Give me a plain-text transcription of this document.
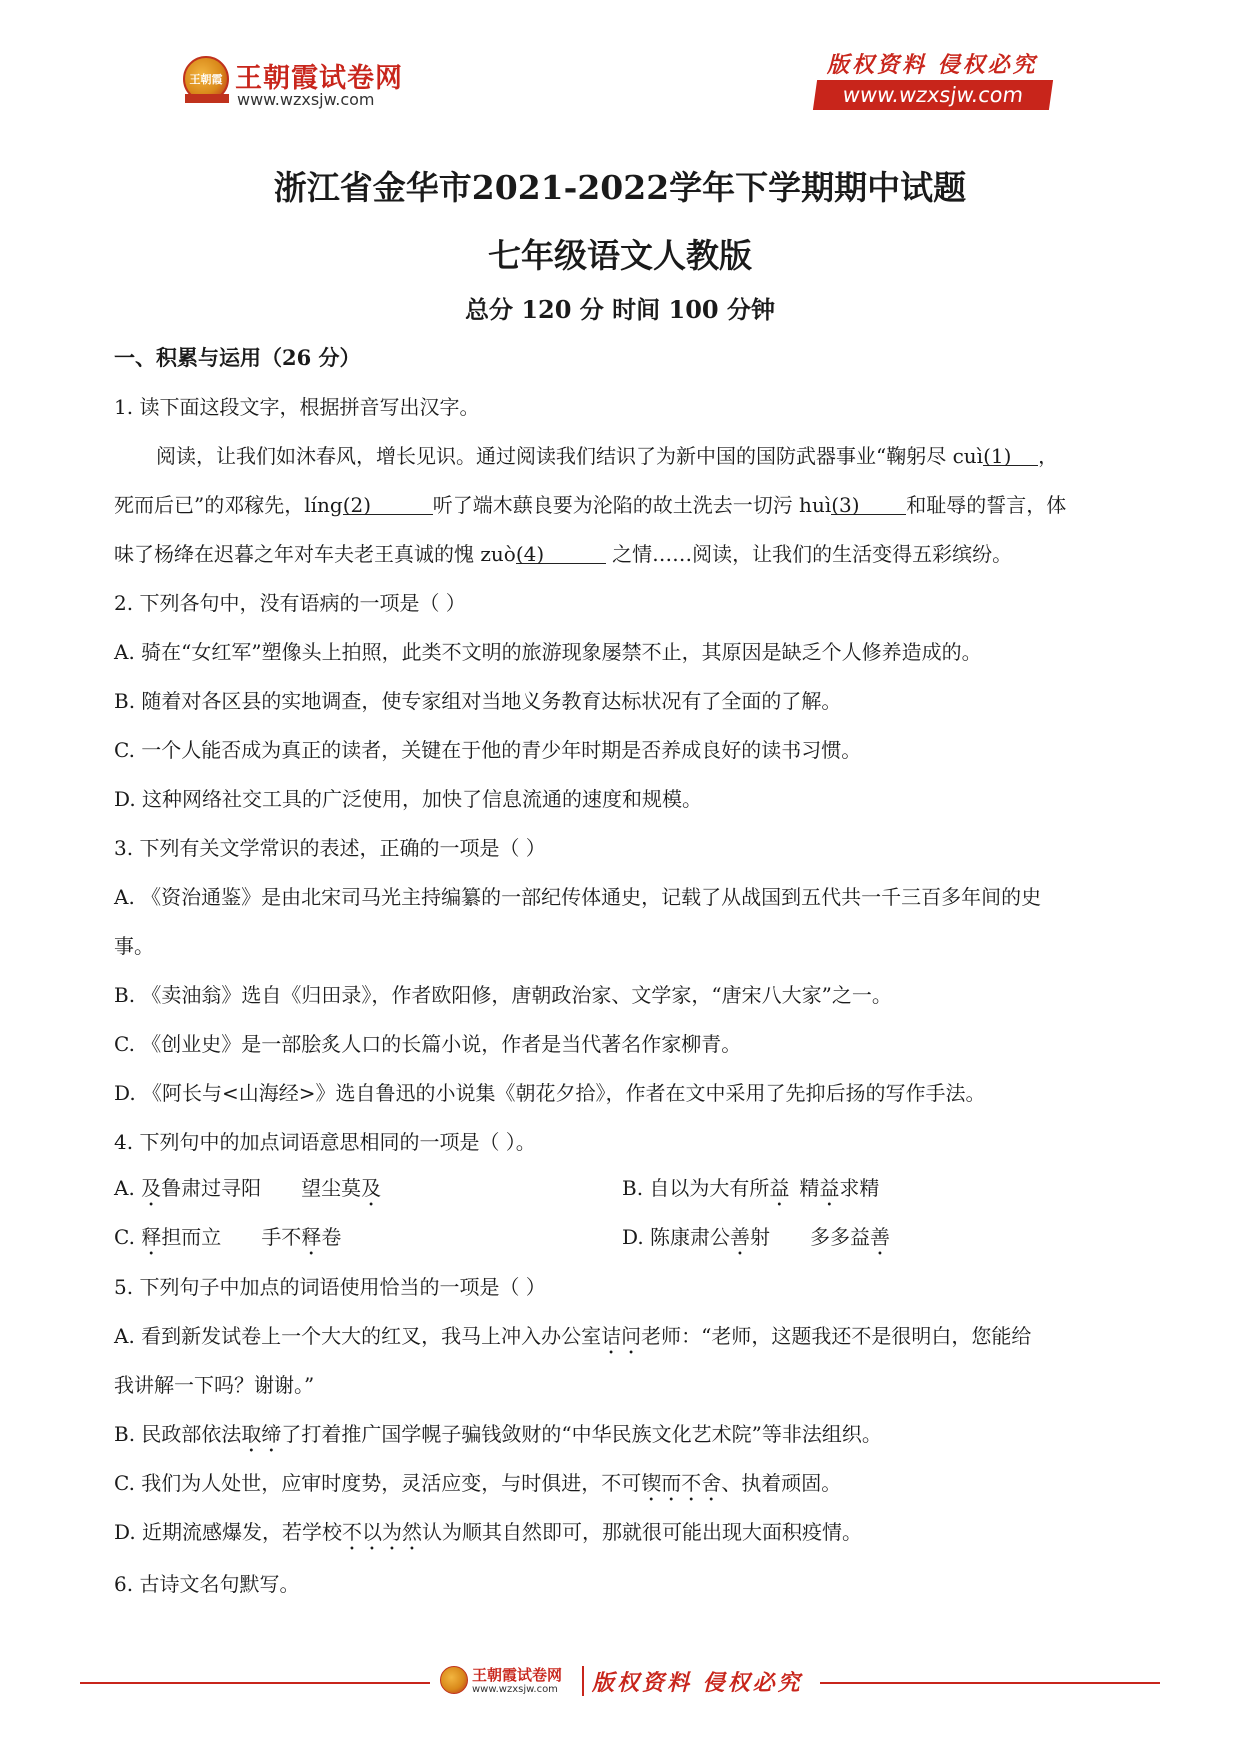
王朝霞 王朝霞试卷网
www.wzxsjw.com
版权资料 侵权必究
www.wzxsjw.com
浙江省金华市2021-2022学年下学期期中试题
七年级语文人教版
总分 120 分 时间 100 分钟
一、积累与运用（26 分）
1. 读下面这段文字，根据拼音写出汉字。
阅读，让我们如沐春风，增长见识。通过阅读我们结识了为新中国的国防武器事业“鞠躬尽 cuì(1) ，
死而后已”的邓稼先，líng(2)	听了端木蕻良要为沦陷的故土洗去一切污 huì(3) 和耻辱的誓言，体
味了杨绛在迟暮之年对车夫老王真诚的愧 zuò(4)	之情……阅读，让我们的生活变得五彩缤纷。
2. 下列各句中，没有语病的一项是（ ）
A. 骑在“女红军”塑像头上拍照，此类不文明的旅游现象屡禁不止，其原因是缺乏个人修养造成的。
B. 随着对各区县的实地调查，使专家组对当地义务教育达标状况有了全面的了解。
C. 一个人能否成为真正的读者，关键在于他的青少年时期是否养成良好的读书习惯。
D. 这种网络社交工具的广泛使用，加快了信息流通的速度和规模。
3. 下列有关文学常识的表述，正确的一项是（ ）
A. 《资治通鉴》是由北宋司马光主持编纂的一部纪传体通史，记载了从战国到五代共一千三百多年间的史
事。
B. 《卖油翁》选自《归田录》，作者欧阳修，唐朝政治家、文学家，“唐宋八大家”之一。
C. 《创业史》是一部脍炙人口的长篇小说，作者是当代著名作家柳青。
D. 《阿长与<山海经>》选自鲁迅的小说集《朝花夕拾》，作者在文中采用了先抑后扬的写作手法。
4. 下列句中的加点词语意思相同的一项是（ ）。
A. 及鲁肃过寻阳 望尘莫及	B. 自以为大有所益 精益求精
C. 释担而立 手不释卷	D. 陈康肃公善射 多多益善
5. 下列句子中加点的词语使用恰当的一项是（ ）
A. 看到新发试卷上一个大大的红叉，我马上冲入办公室诘问老师：“老师，这题我还不是很明白，您能给
我讲解一下吗？谢谢。”
B. 民政部依法取缔了打着推广国学幌子骗钱敛财的“中华民族文化艺术院”等非法组织。
C. 我们为人处世，应审时度势，灵活应变，与时俱进，不可锲而不舍、执着顽固。
D. 近期流感爆发，若学校不以为然认为顺其自然即可，那就很可能出现大面积疫情。
6. 古诗文名句默写。
王朝霞试卷网
www.wzxsjw.com 版权资料 侵权必究
